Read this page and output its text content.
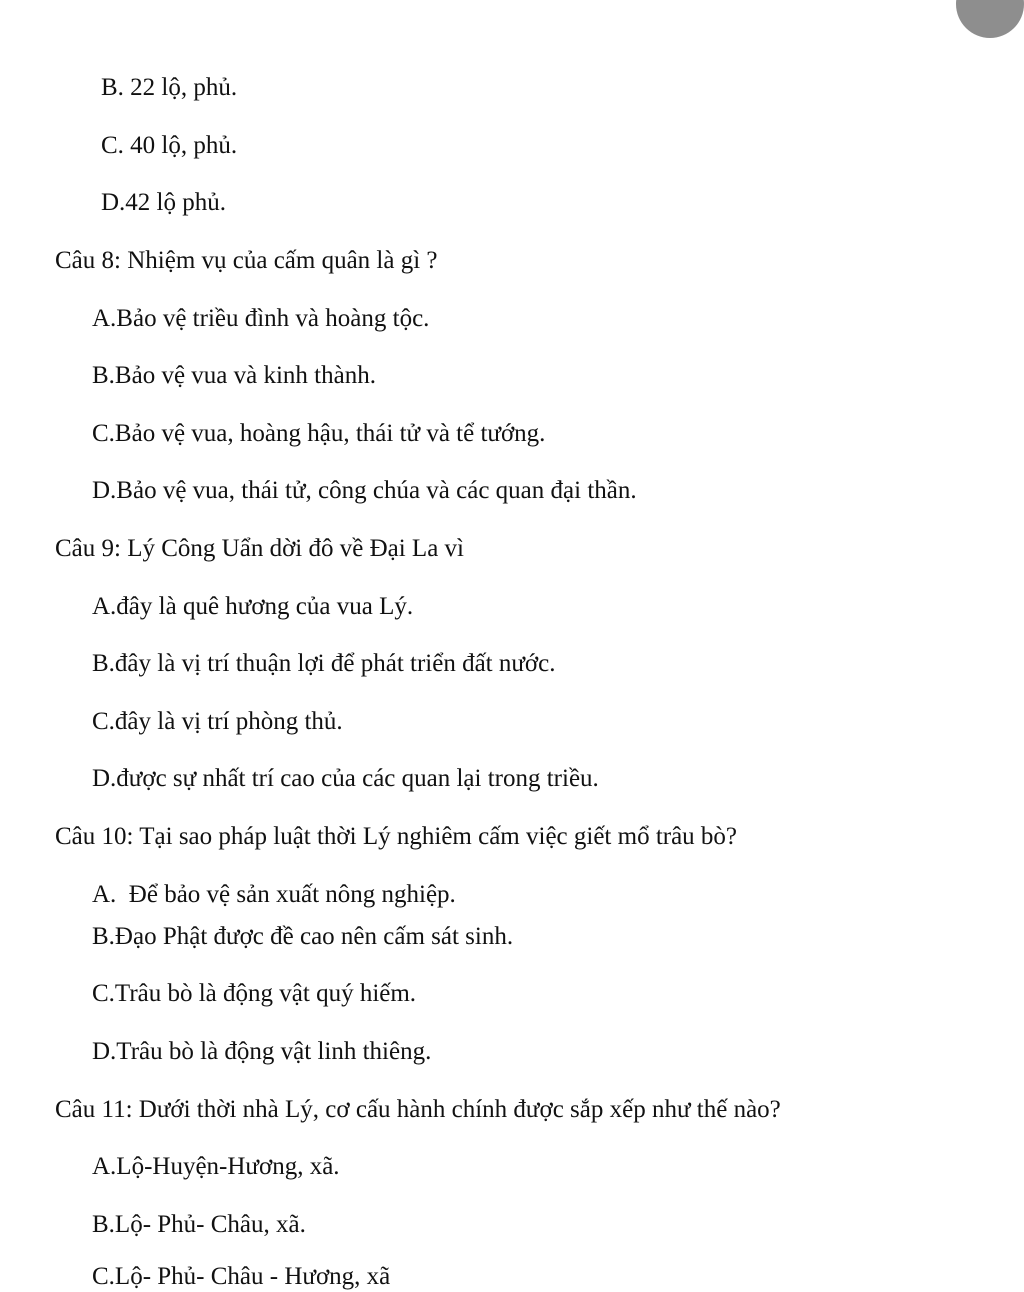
B. 22 lộ, phủ.
C. 40 lộ, phủ.
D.42 lộ phủ.
Câu 8: Nhiệm vụ của cấm quân là gì ?
A.Bảo vệ triều đình và hoàng tộc.
B.Bảo vệ vua và kinh thành.
C.Bảo vệ vua, hoàng hậu, thái tử và tể tướng.
D.Bảo vệ vua, thái tử, công chúa và các quan đại thần.
Câu 9: Lý Công Uẩn dời đô về Đại La vì
A.đây là quê hương của vua Lý.
B.đây là vị trí thuận lợi để phát triển đất nước.
C.đây là vị trí phòng thủ.
D.được sự nhất trí cao của các quan lại trong triều.
Câu 10: Tại sao pháp luật thời Lý nghiêm cấm việc giết mổ trâu bò?
A.  Để bảo vệ sản xuất nông nghiệp.
B.Đạo Phật được đề cao nên cấm sát sinh.
C.Trâu bò là động vật quý hiếm.
D.Trâu bò là động vật linh thiêng.
Câu 11: Dưới thời nhà Lý, cơ cấu hành chính được sắp xếp như thế nào?
A.Lộ-Huyện-Hương, xã.
B.Lộ- Phủ- Châu, xã.
C.Lộ- Phủ- Châu - Hương, xã
